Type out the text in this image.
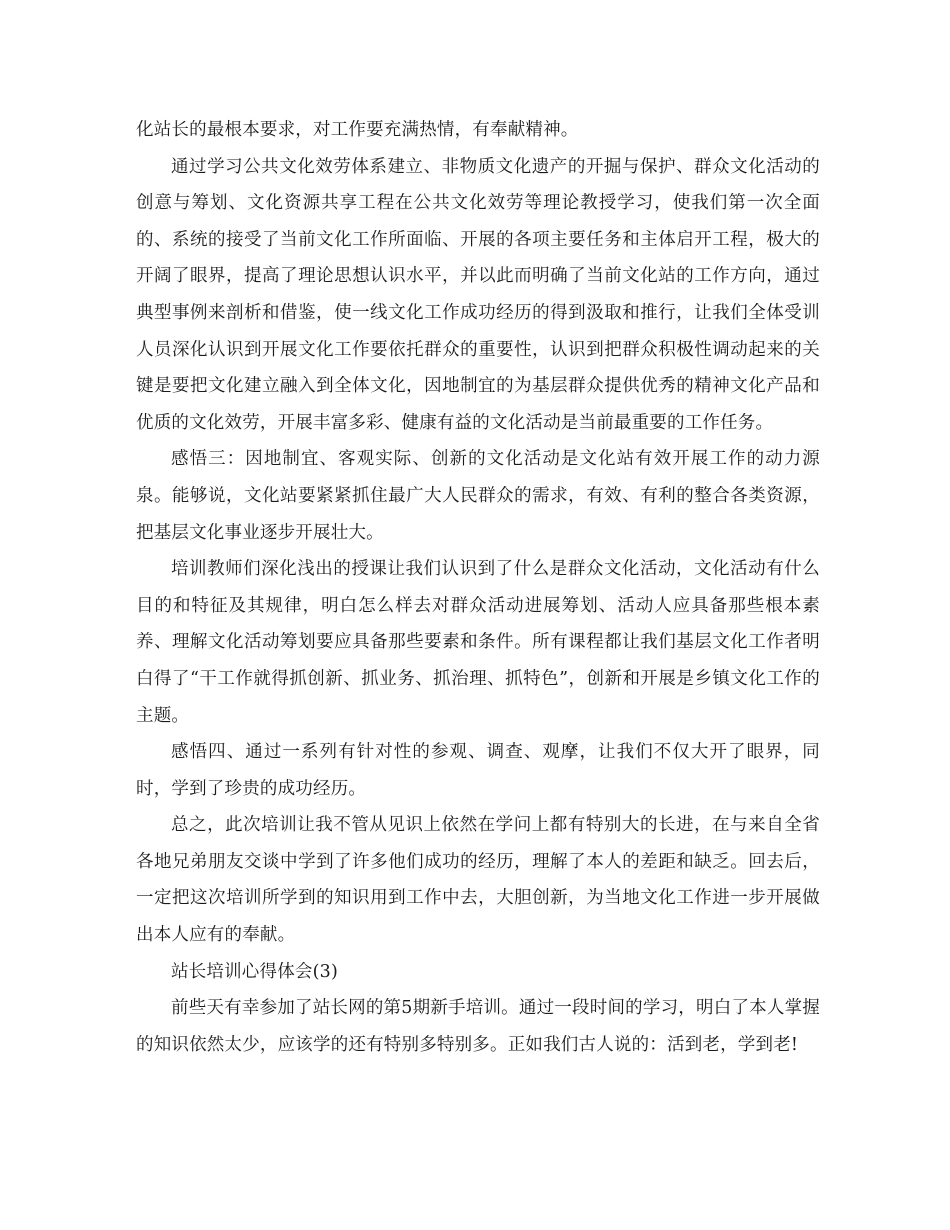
化站长的最根本要求，对工作要充满热情，有奉献精神。

通过学习公共文化效劳体系建立、非物质文化遗产的开掘与保护、群众文化活动的创意与筹划、文化资源共享工程在公共文化效劳等理论教授学习，使我们第一次全面的、系统的接受了当前文化工作所面临、开展的各项主要任务和主体启开工程，极大的开阔了眼界，提高了理论思想认识水平，并以此而明确了当前文化站的工作方向，通过典型事例来剖析和借鉴，使一线文化工作成功经历的得到汲取和推行，让我们全体受训人员深化认识到开展文化工作要依托群众的重要性，认识到把群众积极性调动起来的关键是要把文化建立融入到全体文化，因地制宜的为基层群众提供优秀的精神文化产品和优质的文化效劳，开展丰富多彩、健康有益的文化活动是当前最重要的工作任务。

感悟三：因地制宜、客观实际、创新的文化活动是文化站有效开展工作的动力源泉。能够说，文化站要紧紧抓住最广大人民群众的需求，有效、有利的整合各类资源，把基层文化事业逐步开展壮大。

培训教师们深化浅出的授课让我们认识到了什么是群众文化活动，文化活动有什么目的和特征及其规律，明白怎么样去对群众活动进展筹划、活动人应具备那些根本素养、理解文化活动筹划要应具备那些要素和条件。所有课程都让我们基层文化工作者明白得了“干工作就得抓创新、抓业务、抓治理、抓特色”，创新和开展是乡镇文化工作的主题。

感悟四、通过一系列有针对性的参观、调查、观摩，让我们不仅大开了眼界，同时，学到了珍贵的成功经历。

总之，此次培训让我不管从见识上依然在学问上都有特别大的长进，在与来自全省各地兄弟朋友交谈中学到了许多他们成功的经历，理解了本人的差距和缺乏。回去后，一定把这次培训所学到的知识用到工作中去，大胆创新，为当地文化工作进一步开展做出本人应有的奉献。

站长培训心得体会(3)

前些天有幸参加了站长网的第5期新手培训。通过一段时间的学习，明白了本人掌握的知识依然太少，应该学的还有特别多特别多。正如我们古人说的：活到老，学到老!
